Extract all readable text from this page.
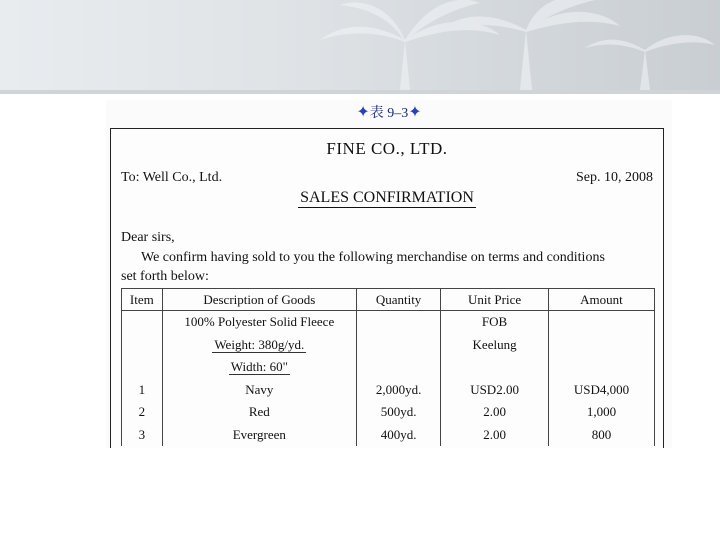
✦表 9–3✦
FINE CO., LTD.
To: Well Co., Ltd.	Sep. 10, 2008
SALES CONFIRMATION
Dear sirs,
We confirm having sold to you the following merchandise on terms and conditions
set forth below:
Item	Description of Goods	Quantity	Unit Price	Amount
	100% Polyester Solid Fleece		FOB	
	Weight: 380g/yd.		Keelung	
	Width: 60"			
1	Navy	2,000yd.	USD2.00	USD4,000
2	Red	500yd.	2.00	1,000
3	Evergreen	400yd.	2.00	800
